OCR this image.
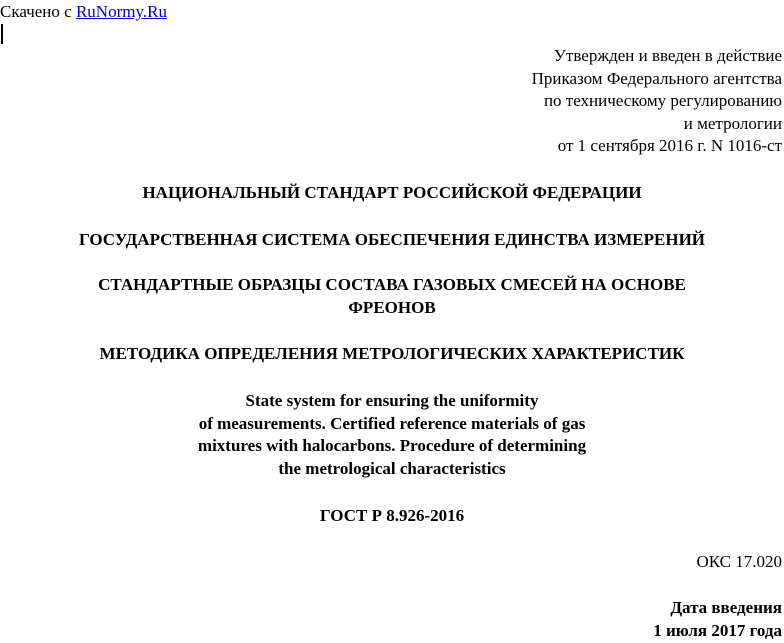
Скачено с RuNormy.Ru
Утвержден и введен в действие
Приказом Федерального агентства
по техническому регулированию
и метрологии
от 1 сентября 2016 г. N 1016-ст
НАЦИОНАЛЬНЫЙ СТАНДАРТ РОССИЙСКОЙ ФЕДЕРАЦИИ
ГОСУДАРСТВЕННАЯ СИСТЕМА ОБЕСПЕЧЕНИЯ ЕДИНСТВА ИЗМЕРЕНИЙ
СТАНДАРТНЫЕ ОБРАЗЦЫ СОСТАВА ГАЗОВЫХ СМЕСЕЙ НА ОСНОВЕ
ФРЕОНОВ
МЕТОДИКА ОПРЕДЕЛЕНИЯ МЕТРОЛОГИЧЕСКИХ ХАРАКТЕРИСТИК
State system for ensuring the uniformity
of measurements. Certified reference materials of gas
mixtures with halocarbons. Procedure of determining
the metrological characteristics
ГОСТ Р 8.926-2016
ОКС 17.020
Дата введения
1 июля 2017 года
